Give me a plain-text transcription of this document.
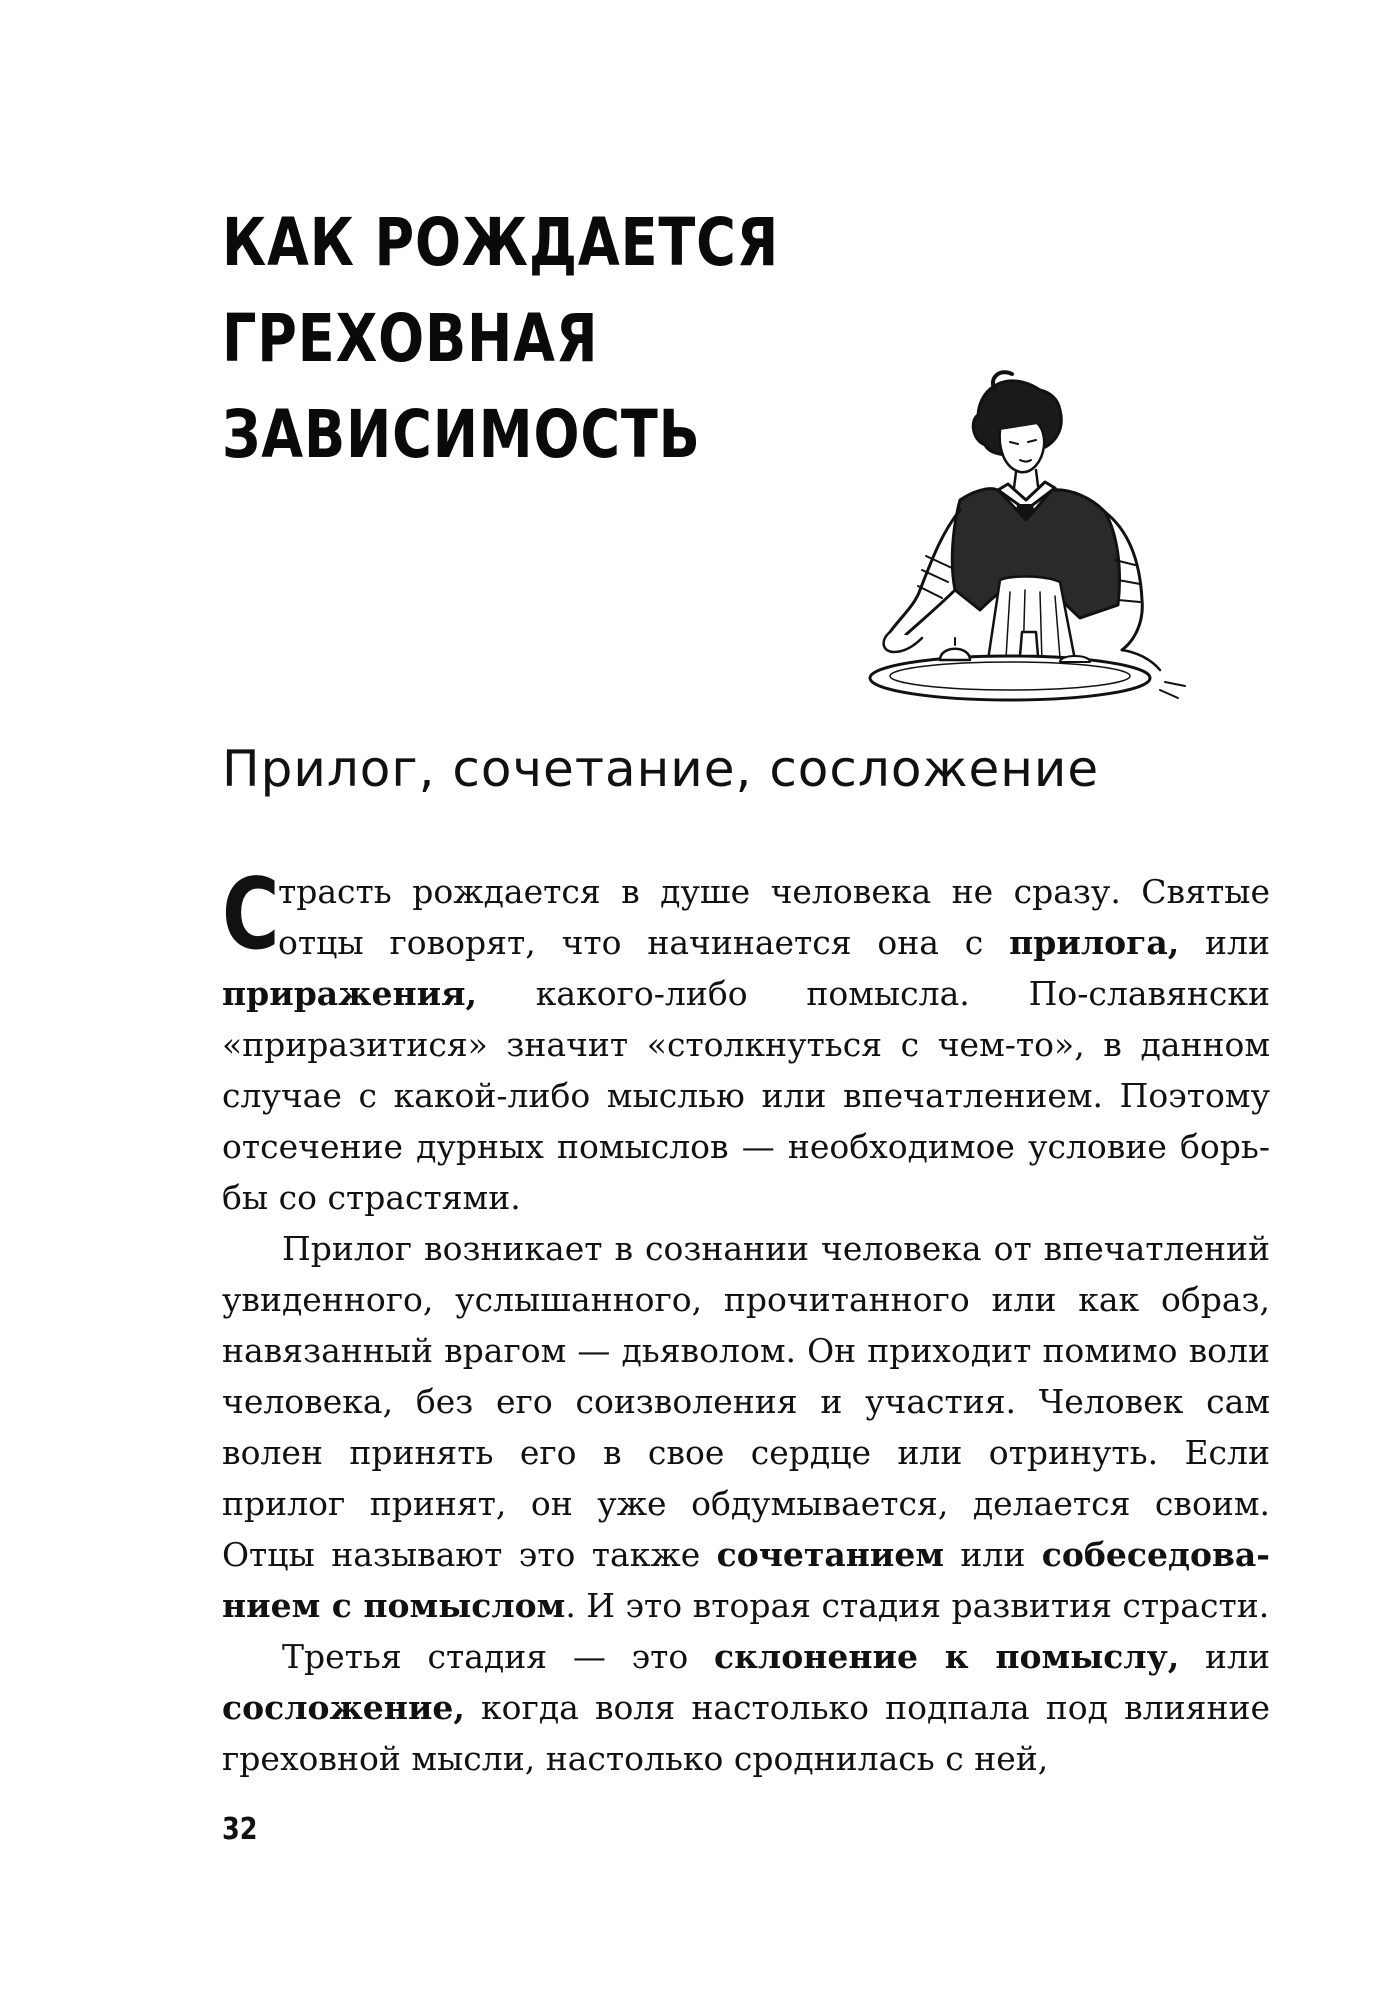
КАК РОЖДАЕТСЯ ГРЕХОВНАЯ
ЗАВИСИМОСТЬ
Прилог, сочетание, сосложение

С
трасть рождается в душе человека не сразу. Святые отцы говорят, что начинается она с прилога, или приражения, какого-либо помысла. По-славянски «приразитися» значит «столкнуться с чем-то», в данном случае с какой-либо мыслью или впечатлением. Поэтому отсечение дурных помыслов — необходимое условие борьбы со страстями.

Прилог возникает в сознании человека от впечатлений увиденного, услышанного, прочитанного или как образ, навязанный врагом — дьяволом. Он приходит помимо воли человека, без его соизволения и участия. Человек сам волен принять его в свое сердце или отринуть. Если прилог принят, он уже обдумывается, делается своим. Отцы называют это также сочетанием или собеседованием с помыслом. И это вторая стадия развития страсти.

Третья стадия — это склонение к помыслу, или сосложение, когда воля настолько подпала под влияние греховной мысли, настолько сроднилась с ней,

32
